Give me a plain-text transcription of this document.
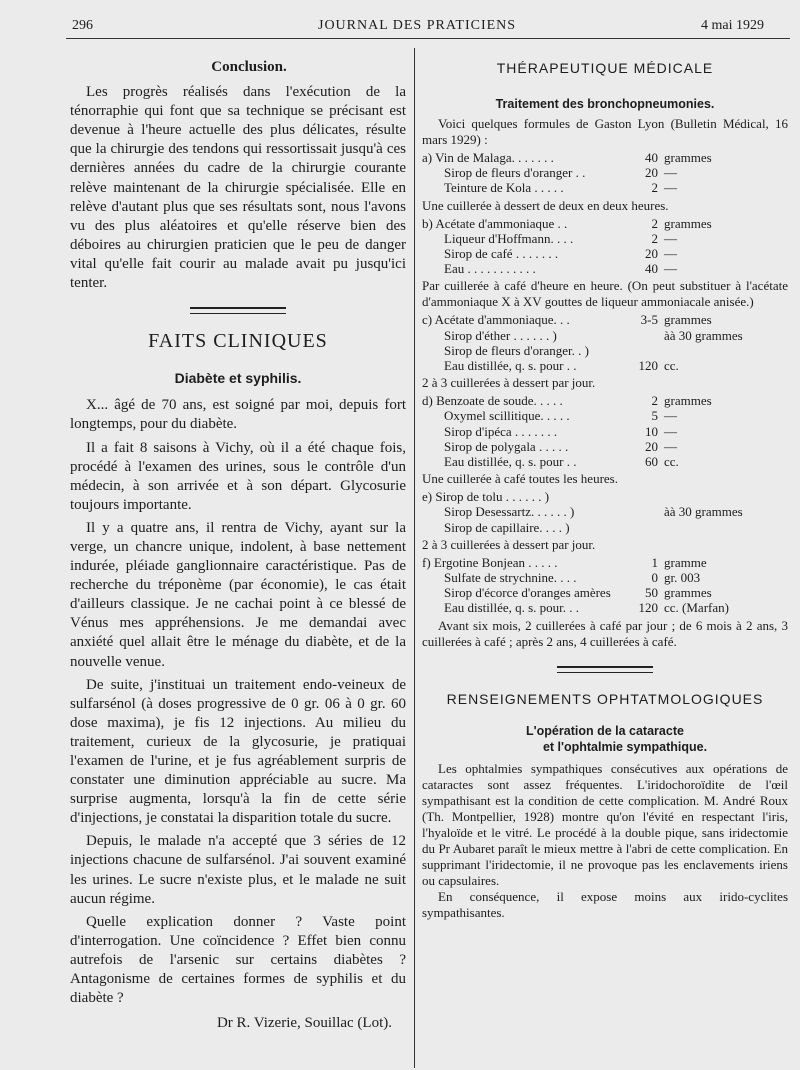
296	JOURNAL DES PRATICIENS	4 mai 1929
Conclusion.

Les progrès réalisés dans l'exécution de la ténorraphie qui font que sa technique se précisant est devenue à l'heure actuelle des plus délicates, résulte que la chirurgie des tendons qui ressortissait jusqu'à ces dernières années du cadre de la chirurgie courante relève maintenant de la chirurgie spécialisée. Elle en relève d'autant plus que ses résultats sont, nous l'avons vu des plus aléatoires et qu'elle réserve bien des déboires au chirurgien praticien que le peu de danger vital qu'elle fait courir au malade avait pu jusqu'ici tenter.

FAITS CLINIQUES
Diabète et syphilis.

X... âgé de 70 ans, est soigné par moi, depuis fort longtemps, pour du diabète.

Il a fait 8 saisons à Vichy, où il a été chaque fois, procédé à l'examen des urines, sous le contrôle d'un médecin, à son arrivée et à son départ. Glycosurie toujours importante.

Il y a quatre ans, il rentra de Vichy, ayant sur la verge, un chancre unique, indolent, à base nettement indurée, pléiade ganglionnaire caractéristique. Pas de recherche du tréponème (par économie), le cas était d'ailleurs classique. Je ne cachai point à ce blessé de Vénus mes appréhensions. Je me demandai avec anxiété quel allait être le ménage du diabète, et de la nouvelle venue.

De suite, j'instituai un traitement endo-veineux de sulfarsénol (à doses progressive de 0 gr. 06 à 0 gr. 60 dose maxima), je fis 12 injections. Au milieu du traitement, curieux de la glycosurie, je pratiquai l'examen de l'urine, et je fus agréablement surpris de constater une diminution appréciable au sucre. Ma surprise augmenta, lorsqu'à la fin de cette série d'injections, je constatai la disparition totale du sucre.

Depuis, le malade n'a accepté que 3 séries de 12 injections chacune de sulfarsénol. J'ai souvent examiné les urines. Le sucre n'existe plus, et le malade ne suit aucun régime.

Quelle explication donner ? Vaste point d'interrogation. Une coïncidence ? Effet bien connu autrefois de l'arsenic sur certains diabètes ? Antagonisme de certaines formes de syphilis et du diabète ?

Dr R. Vizerie, Souillac (Lot).
THÉRAPEUTIQUE MÉDICALE
Traitement des bronchopneumonies.

Voici quelques formules de Gaston Lyon (Bulletin Médical, 16 mars 1929) :

a) Vin de Malaga. . . . . . .	40 grammes
Sirop de fleurs d'oranger . .	20 —
Teinture de Kola . . . . .	2 —

Une cuillerée à dessert de deux en deux heures.

b) Acétate d'ammoniaque . .	2 grammes
Liqueur d'Hoffmann. . . .	2 —
Sirop de café . . . . . . .	20 —
Eau . . . . . . . . . . .	40 —

Par cuillerée à café d'heure en heure. (On peut substituer à l'acétate d'ammoniaque X à XV gouttes de liqueur ammoniacale anisée.)

c) Acétate d'ammoniaque. . .	3-5 grammes
Sirop d'éther . . . . . . )	àà 30 grammes
Sirop de fleurs d'oranger. . )
Eau distillée, q. s. pour . .	120 cc.

2 à 3 cuillerées à dessert par jour.

d) Benzoate de soude. . . . .	2 grammes
Oxymel scillitique. . . . .	5 —
Sirop d'ipéca . . . . . . .	10 —
Sirop de polygala . . . . .	20 —
Eau distillée, q. s. pour . .	60 cc.

Une cuillerée à café toutes les heures.

e) Sirop de tolu . . . . . . )
Sirop Desessartz. . . . . . )	àà 30 grammes
Sirop de capillaire. . . . )

2 à 3 cuillerées à dessert par jour.

f) Ergotine Bonjean . . . . .	1 gramme
Sulfate de strychnine. . . .	0 gr. 003
Sirop d'écorce d'oranges amères	50 grammes
Eau distillée, q. s. pour. . .	120 cc. (Marfan)

Avant six mois, 2 cuillerées à café par jour ; de 6 mois à 2 ans, 3 cuillerées à café ; après 2 ans, 4 cuillerées à café.

RENSEIGNEMENTS OPHTATMOLOGIQUES
L'opération de la cataracte
et l'ophtalmie sympathique.

Les ophtalmies sympathiques consécutives aux opérations de cataractes sont assez fréquentes. L'iridochoroïdite de l'œil sympathisant est la condition de cette complication. M. André Roux (Th. Montpellier, 1928) montre qu'on l'évité en respectant l'iris, l'hyaloïde et le vitré. Le procédé à la double pique, sans iridectomie du Pr Aubaret paraît le mieux mettre à l'abri de cette complication. En supprimant l'iridectomie, il ne provoque pas les enclavements iriens ou capsulaires.

En conséquence, il expose moins aux irido-cyclites sympathisantes.
